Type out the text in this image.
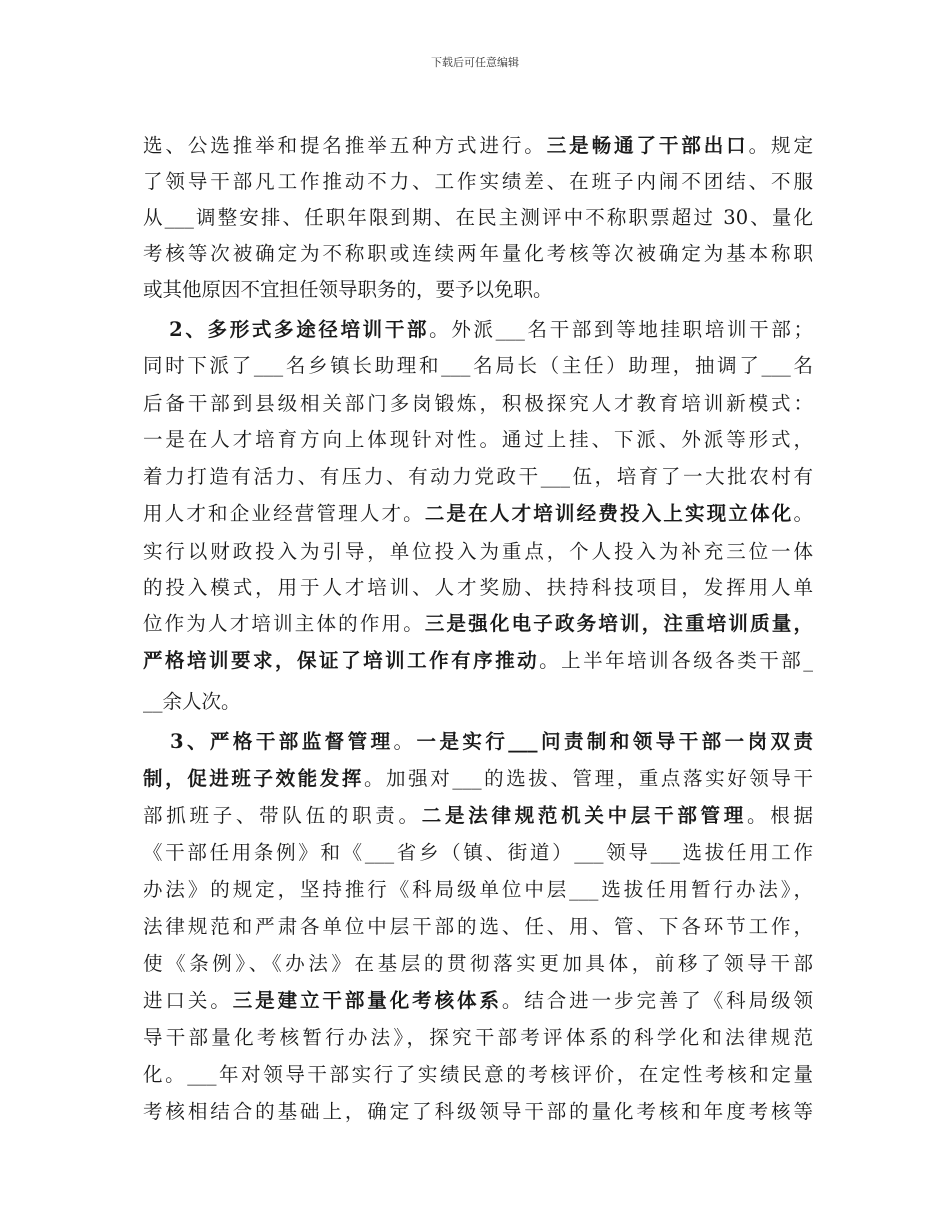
下载后可任意编辑
选、公选推举和提名推举五种方式进行。三是畅通了干部出口。规定
了领导干部凡工作推动不力、工作实绩差、在班子内闹不团结、不服
从___调整安排、任职年限到期、在民主测评中不称职票超过 30、量化
考核等次被确定为不称职或连续两年量化考核等次被确定为基本称职
或其他原因不宜担任领导职务的，要予以免职。
　2、多形式多途径培训干部。外派___名干部到等地挂职培训干部；
同时下派了___名乡镇长助理和___名局长（主任）助理，抽调了___名
后备干部到县级相关部门多岗锻炼，积极探究人才教育培训新模式：
一是在人才培育方向上体现针对性。通过上挂、下派、外派等形式，
着力打造有活力、有压力、有动力党政干___伍，培育了一大批农村有
用人才和企业经营管理人才。二是在人才培训经费投入上实现立体化。
实行以财政投入为引导，单位投入为重点，个人投入为补充三位一体
的投入模式，用于人才培训、人才奖励、扶持科技项目，发挥用人单
位作为人才培训主体的作用。三是强化电子政务培训，注重培训质量，
严格培训要求，保证了培训工作有序推动。上半年培训各级各类干部_
__余人次。
　3、严格干部监督管理。一是实行___问责制和领导干部一岗双责
制，促进班子效能发挥。加强对___的选拔、管理，重点落实好领导干
部抓班子、带队伍的职责。二是法律规范机关中层干部管理。根据
《干部任用条例》和《___省乡（镇、街道）___领导___选拔任用工作
办法》的规定，坚持推行《科局级单位中层___选拔任用暂行办法》，
法律规范和严肃各单位中层干部的选、任、用、管、下各环节工作，
使《条例》、《办法》在基层的贯彻落实更加具体，前移了领导干部
进口关。三是建立干部量化考核体系。结合进一步完善了《科局级领
导干部量化考核暂行办法》，探究干部考评体系的科学化和法律规范
化。___年对领导干部实行了实绩民意的考核评价，在定性考核和定量
考核相结合的基础上，确定了科级领导干部的量化考核和年度考核等
